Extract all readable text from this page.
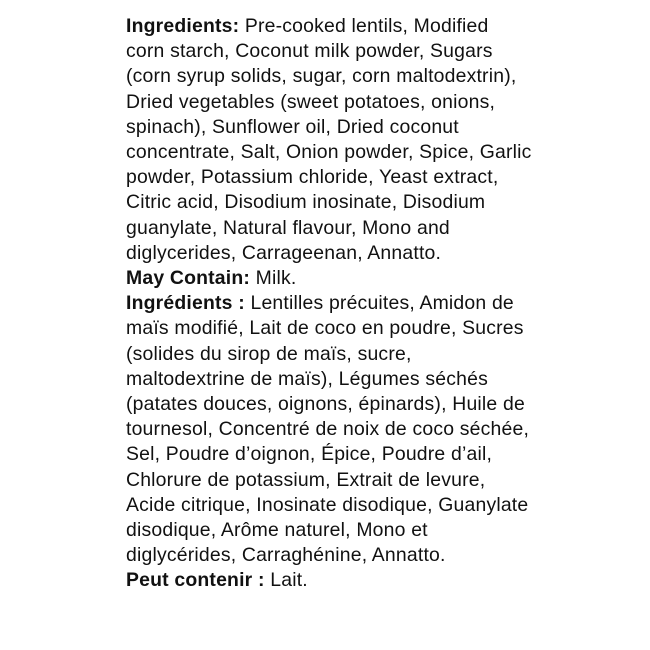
Ingredients: Pre-cooked lentils, Modified corn starch, Coconut milk powder, Sugars (corn syrup solids, sugar, corn maltodextrin), Dried vegetables (sweet potatoes, onions, spinach), Sunflower oil, Dried coconut concentrate, Salt, Onion powder, Spice, Garlic powder, Potassium chloride, Yeast extract, Citric acid, Disodium inosinate, Disodium guanylate, Natural flavour, Mono and diglycerides, Carrageenan, Annatto.

May Contain: Milk.

Ingrédients : Lentilles précuites, Amidon de maïs modifié, Lait de coco en poudre, Sucres (solides du sirop de maïs, sucre, maltodextrine de maïs), Légumes séchés (patates douces, oignons, épinards), Huile de tournesol, Concentré de noix de coco séchée, Sel, Poudre d’oignon, Épice, Poudre d’ail, Chlorure de potassium, Extrait de levure, Acide citrique, Inosinate disodique, Guanylate disodique, Arôme naturel, Mono et diglycérides, Carraghénine, Annatto.

Peut contenir : Lait.
